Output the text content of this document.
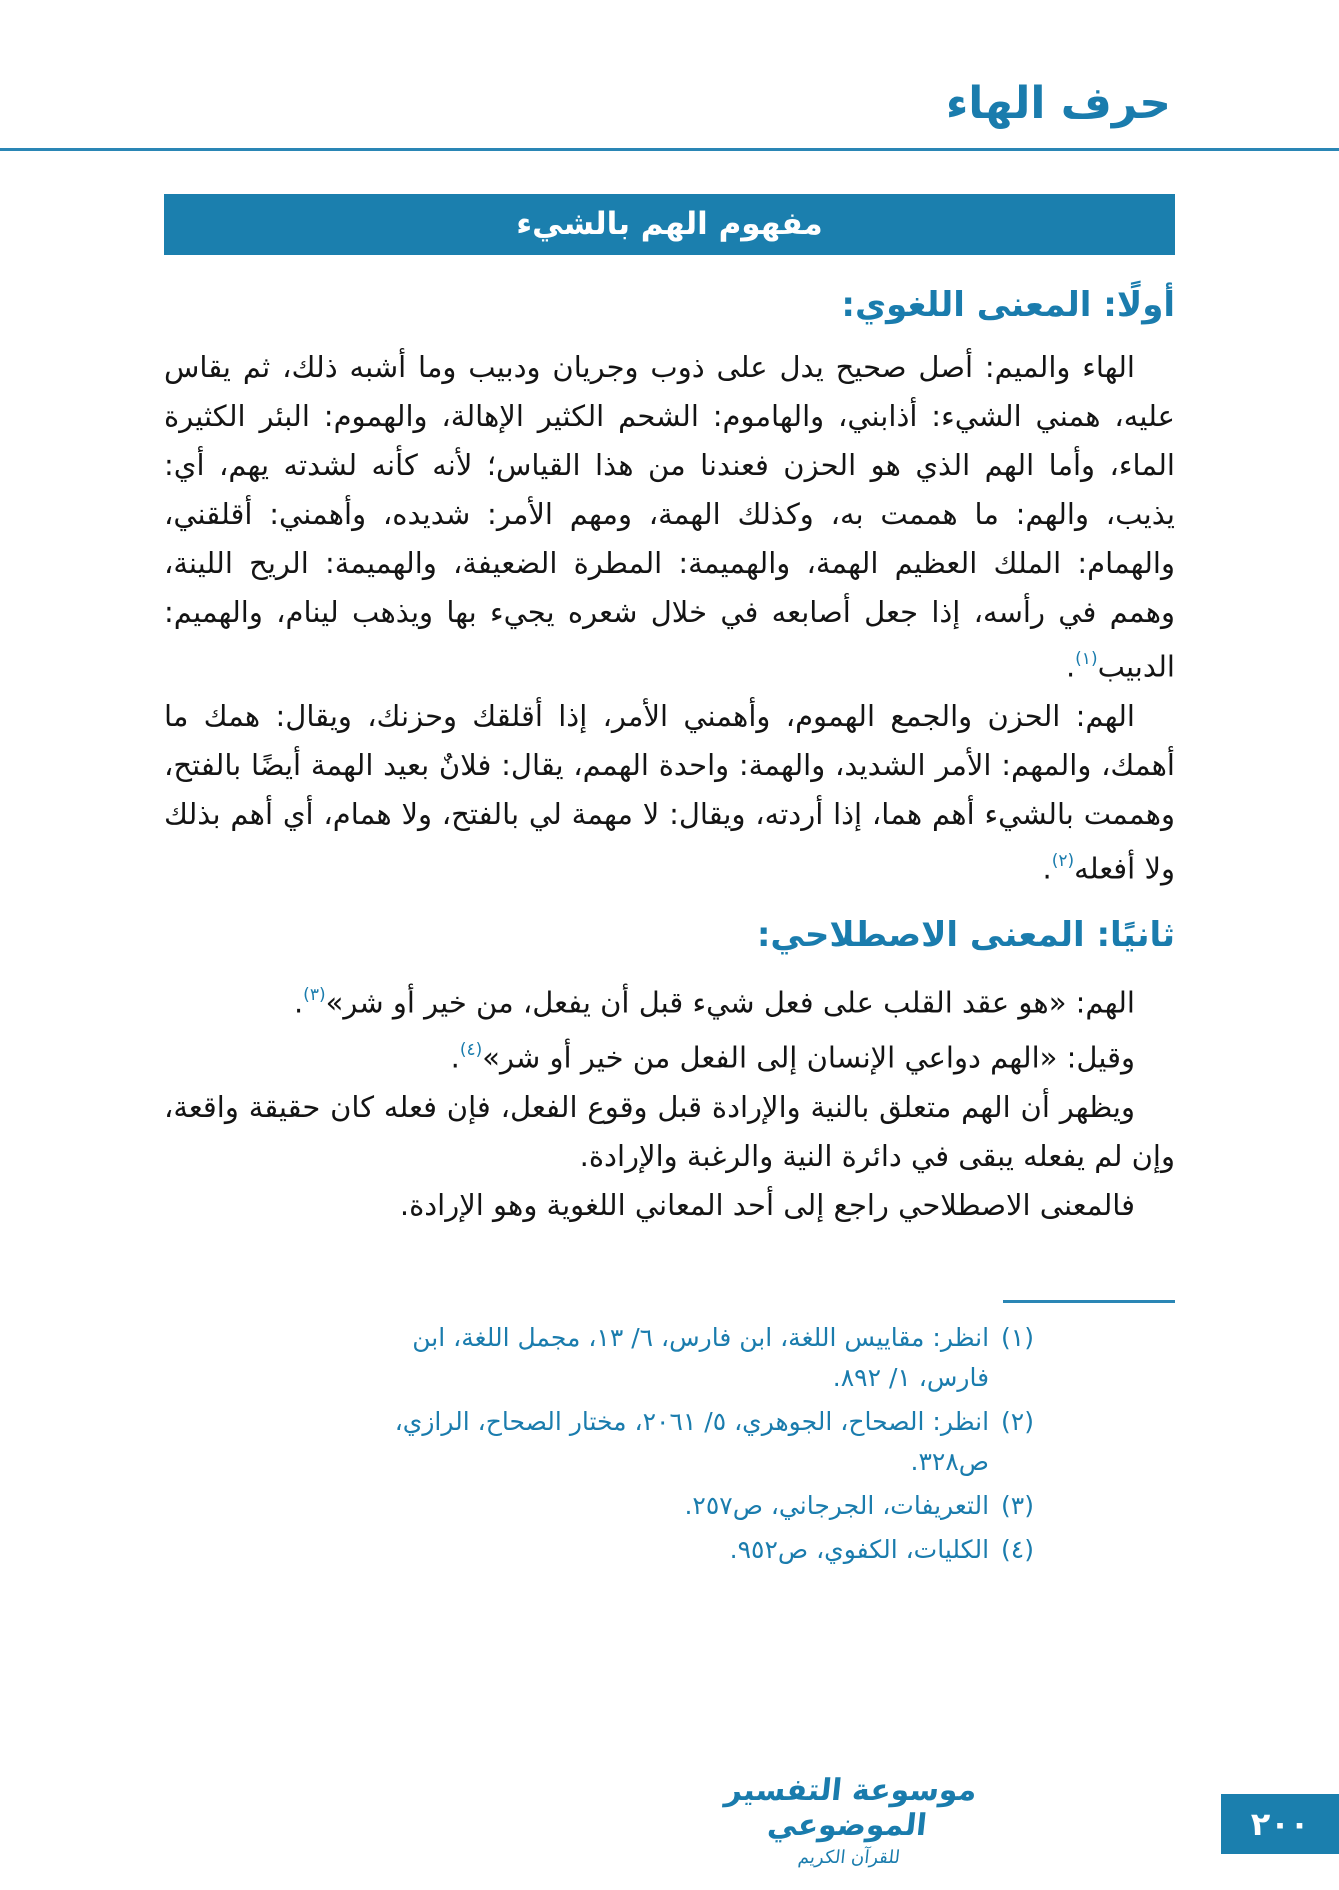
حرف الهاء
مفهوم الهم بالشيء
أولًا: المعنى اللغوي:

الهاء والميم: أصل صحيح يدل على ذوب وجريان ودبيب وما أشبه ذلك، ثم يقاس عليه، همني الشيء: أذابني، والهاموم: الشحم الكثير الإهالة، والهموم: البئر الكثيرة الماء، وأما الهم الذي هو الحزن فعندنا من هذا القياس؛ لأنه كأنه لشدته يهم، أي: يذيب، والهم: ما هممت به، وكذلك الهمة، ومهم الأمر: شديده، وأهمني: أقلقني، والهمام: الملك العظيم الهمة، والهميمة: المطرة الضعيفة، والهميمة: الريح اللينة، وهمم في رأسه، إذا جعل أصابعه في خلال شعره يجيء بها ويذهب لينام، والهميم: الدبيب$^{(١)}$.

الهم: الحزن والجمع الهموم، وأهمني الأمر، إذا أقلقك وحزنك، ويقال: همك ما أهمك، والمهم: الأمر الشديد، والهمة: واحدة الهمم، يقال: فلانٌ بعيد الهمة أيضًا بالفتح، وهممت بالشيء أهم هما، إذا أردته، ويقال: لا مهمة لي بالفتح، ولا همام، أي أهم بذلك ولا أفعله$^{(٢)}$.

ثانيًا: المعنى الاصطلاحي:

الهم: «هو عقد القلب على فعل شيء قبل أن يفعل، من خير أو شر»$^{(٣)}$.

وقيل: «الهم دواعي الإنسان إلى الفعل من خير أو شر»$^{(٤)}$.

ويظهر أن الهم متعلق بالنية والإرادة قبل وقوع الفعل، فإن فعله كان حقيقة واقعة، وإن لم يفعله يبقى في دائرة النية والرغبة والإرادة.

فالمعنى الاصطلاحي راجع إلى أحد المعاني اللغوية وهو الإرادة.

(١)
انظر: مقاييس اللغة، ابن فارس، ٦/ ١٣، مجمل اللغة، ابن فارس، ١/ ٨٩٢.
(٢)
انظر: الصحاح، الجوهري، ٥/ ٢٠٦١، مختار الصحاح، الرازي، ص٣٢٨.
(٣)
التعريفات، الجرجاني، ص٢٥٧.
(٤)
الكليات، الكفوي، ص٩٥٢.
موسوعة التفسير الموضوعي
للقرآن الكريم
٢٠٠
